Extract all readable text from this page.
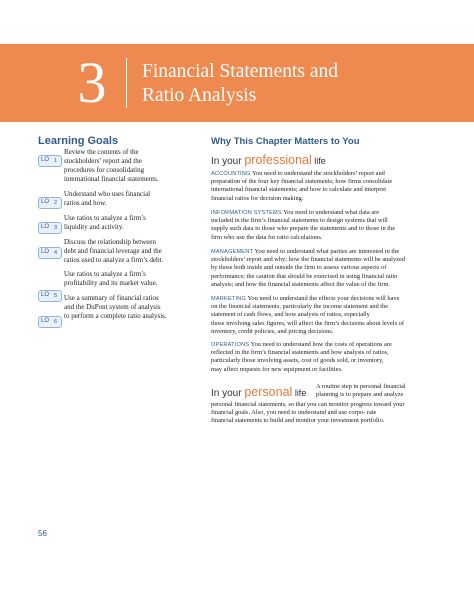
3	Financial Statements and
Ratio Analysis
Learning Goals
LO 1
Review the contents of the
stockholders’ report and the
procedures for consolidating
international financial statements.
LO 2
Understand who uses financial
ratios and how.
LO 3
Use ratios to analyze a firm’s
liquidity and activity.
LO 4
Discuss the relationship between
debt and financial leverage and the
ratios used to analyze a firm’s debt.
LO 5
Use ratios to analyze a firm’s
profitability and its market value.
LO 6
Use a summary of financial ratios
and the DuPont system of analysis
to perform a complete ratio analysis.
Why This Chapter Matters to You
In your professional life
ACCOUNTING You need to understand the stockholders’ report and
preparation of the four key financial statements; how firms consolidate
international financial statements; and how to calculate and interpret
financial ratios for decision making.
INFORMATION SYSTEMS You need to understand what data are
included in the firm’s financial statements to design systems that will
supply such data to those who prepare the statements and to those in the
firm who use the data for ratio calculations.
MANAGEMENT You need to understand what parties are interested in the
stockholders’ report and why; how the financial statements will be analyzed
by those both inside and outside the firm to assess various aspects of
performance; the caution that should be exercised in using financial ratio
analysis; and how the financial statements affect the value of the firm.
MARKETING You need to understand the effects your decisions will have
on the financial statements, particularly the income statement and the
statement of cash flows, and how analysis of ratios, especially
those involving sales figures, will affect the firm’s decisions about levels of
inventory, credit policies, and pricing decisions.
OPERATIONS You need to understand how the costs of operations are
reflected in the firm’s financial statements and how analysis of ratios,
particularly those involving assets, cost of goods sold, or inventory,
may affect requests for new equipment or facilities.
In your personal life
A routine step in personal financial
planning is to prepare and analyze
personal financial statements, so that you can monitor progress toward your
financial goals. Also, you need to understand and use corpo- rate
financial statements to build and monitor your investment portfolio.
56
